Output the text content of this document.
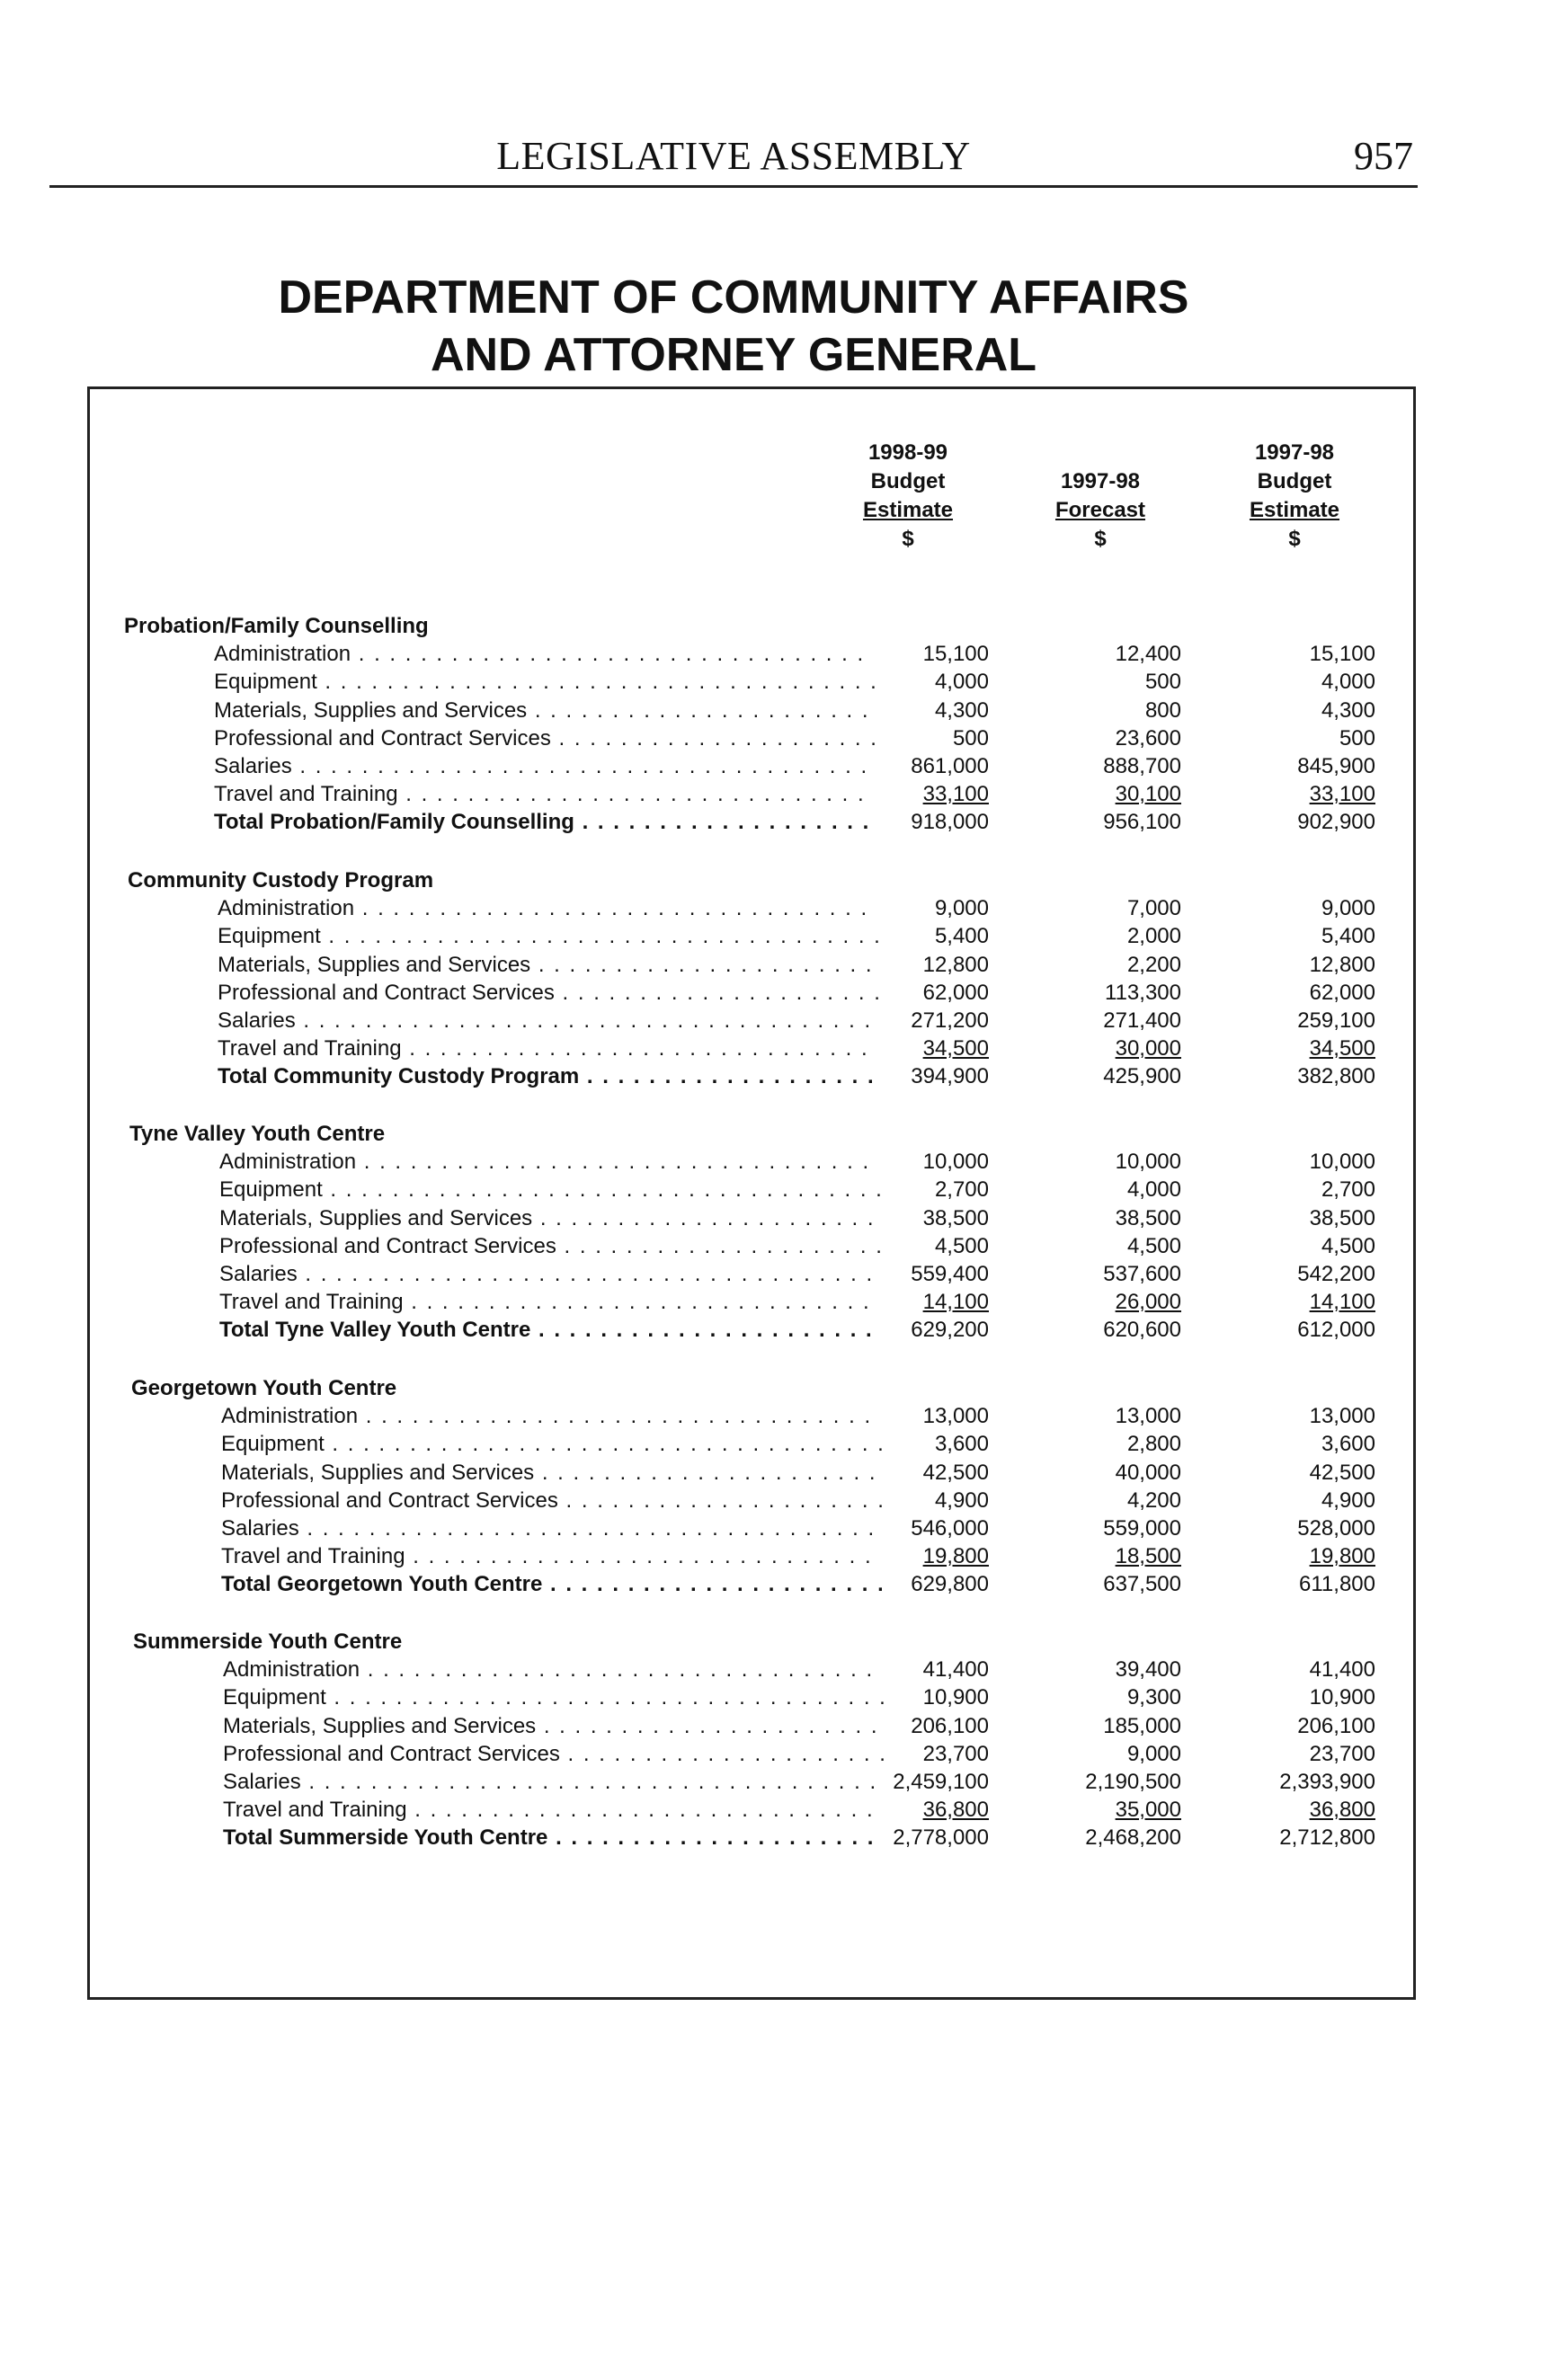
LEGISLATIVE ASSEMBLY	957
DEPARTMENT OF COMMUNITY AFFAIRS
AND ATTORNEY GENERAL
1998-99
Budget
Estimate
$

1997-98
Forecast
$
1997-98
Budget
Estimate
$
Probation/Family Counselling
Administration . . .	15,100	12,400	15,100
Equipment . . .	4,000	500	4,000
Materials, Supplies and Services . . .	4,300	800	4,300
Professional and Contract Services . . .	500	23,600	500
Salaries . . .	861,000	888,700	845,900
Travel and Training . . .	33,100	30,100	33,100
Total Probation/Family Counselling . . .	918,000	956,100	902,900
Community Custody Program
Administration . . .	9,000	7,000	9,000
Equipment . . .	5,400	2,000	5,400
Materials, Supplies and Services . . .	12,800	2,200	12,800
Professional and Contract Services . . .	62,000	113,300	62,000
Salaries . . .	271,200	271,400	259,100
Travel and Training . . .	34,500	30,000	34,500
Total Community Custody Program . . .	394,900	425,900	382,800
Tyne Valley Youth Centre
Administration . . .	10,000	10,000	10,000
Equipment . . .	2,700	4,000	2,700
Materials, Supplies and Services . . .	38,500	38,500	38,500
Professional and Contract Services . . .	4,500	4,500	4,500
Salaries . . .	559,400	537,600	542,200
Travel and Training . . .	14,100	26,000	14,100
Total Tyne Valley Youth Centre . . .	629,200	620,600	612,000
Georgetown Youth Centre
Administration . . .	13,000	13,000	13,000
Equipment . . .	3,600	2,800	3,600
Materials, Supplies and Services . . .	42,500	40,000	42,500
Professional and Contract Services . . .	4,900	4,200	4,900
Salaries . . .	546,000	559,000	528,000
Travel and Training . . .	19,800	18,500	19,800
Total Georgetown Youth Centre . . .	629,800	637,500	611,800
Summerside Youth Centre
Administration . . .	41,400	39,400	41,400
Equipment . . .	10,900	9,300	10,900
Materials, Supplies and Services . . .	206,100	185,000	206,100
Professional and Contract Services . . .	23,700	9,000	23,700
Salaries . . .	2,459,100	2,190,500	2,393,900
Travel and Training . . .	36,800	35,000	36,800
Total Summerside Youth Centre . . .	2,778,000	2,468,200	2,712,800
